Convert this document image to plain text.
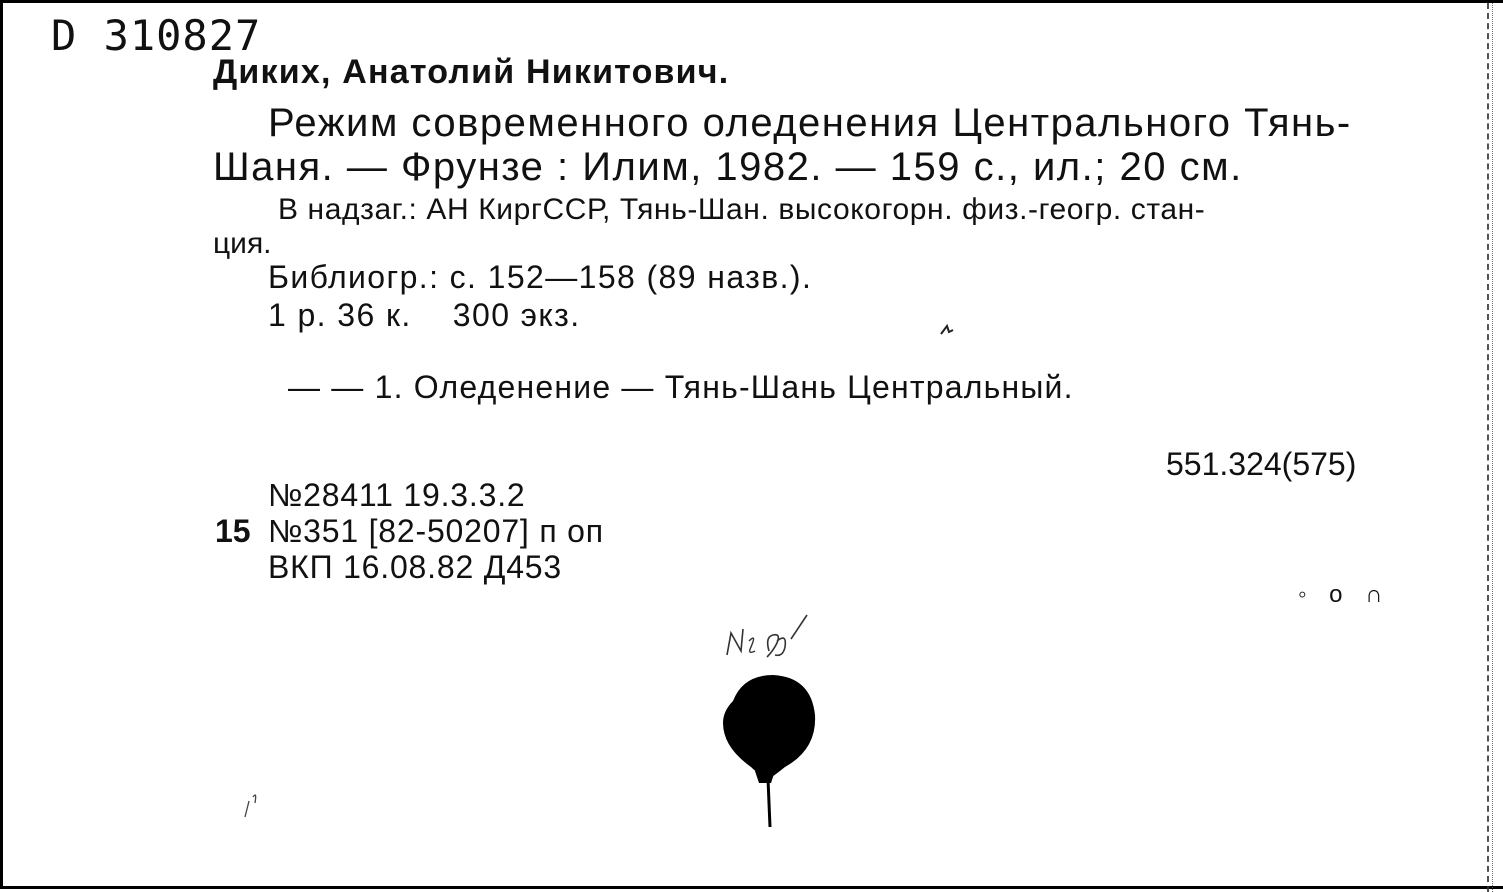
D 310827
Диких, Анатолий Никитович.
Режим современного оледенения Центрального Тянь-
Шаня. — Фрунзе : Илим, 1982. — 159 с., ил.; 20 см.
В надзаг.: АН КиргССР, Тянь-Шан. высокогорн. физ.-геогр. стан-
ция.
Библиогр.: с. 152—158 (89 назв.).
1 р. 36 к.    300 экз.
— — 1. Оледенение — Тянь-Шань Центральный.
551.324(575)
№28411 19.3.3.2
15 №351 [82-50207] п оп
ВКП 16.08.82 Д453
◦ o ∩
